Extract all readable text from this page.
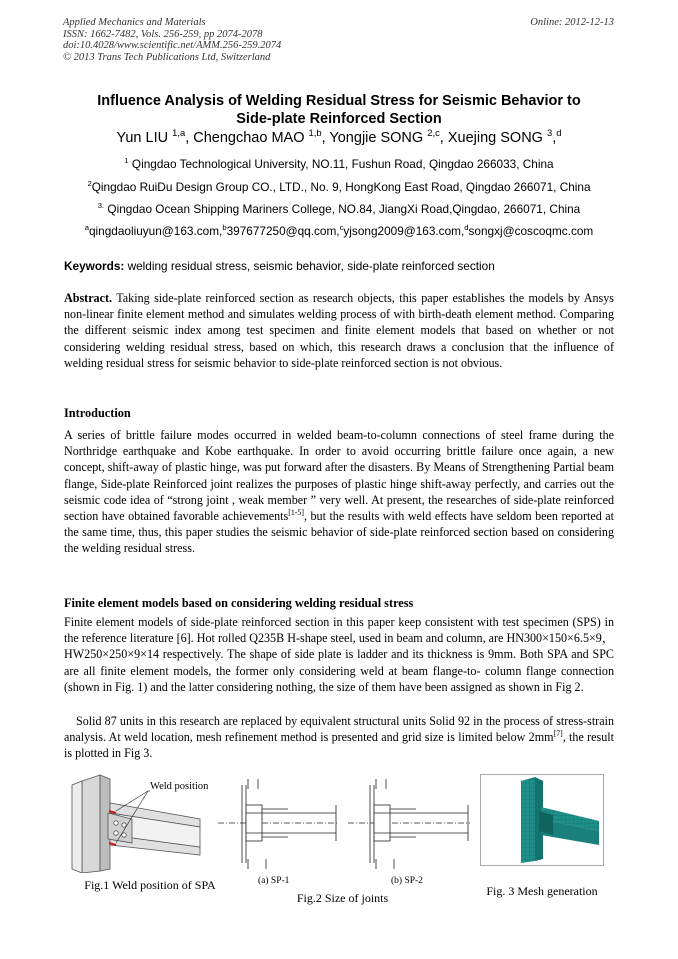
Applied Mechanics and Materials
ISSN: 1662-7482, Vols. 256-259, pp 2074-2078
doi:10.4028/www.scientific.net/AMM.256-259.2074
© 2013 Trans Tech Publications Ltd, Switzerland
Online: 2012-12-13
Influence Analysis of Welding Residual Stress for Seismic Behavior to
Side-plate Reinforced Section
Yun LIU $^{1,a}$, Chengchao MAO $^{1,b}$, Yongjie SONG $^{2,c}$, Xuejing SONG $^3$,$^d$
$^1$ Qingdao Technological University, NO.11, Fushun Road, Qingdao 266033, China
$^2$Qingdao RuiDu Design Group CO., LTD., No. 9, HongKong East Road, Qingdao 266071, China
$^{3.}$ Qingdao Ocean Shipping Mariners College, NO.84, JiangXi Road,Qingdao, 266071, China
$^a$qingdaoliuyun@163.com,$^b$397677250@qq.com,$^c$yjsong2009@163.com,$^d$songxj@coscoqmc.com
Keywords: welding residual stress, seismic behavior, side-plate reinforced section
Abstract. Taking side-plate reinforced section as research objects, this paper establishes the models by Ansys non-linear finite element method and simulates welding process of with birth-death element method. Comparing the different seismic index among test specimen and finite element models that based on whether or not considering welding residual stress, based on which, this research draws a conclusion that the influence of welding residual stress for seismic behavior to side-plate reinforced section is not obvious.
Introduction
A series of brittle failure modes occurred in welded beam-to-column connections of steel frame during the Northridge earthquake and Kobe earthquake. In order to avoid occurring brittle failure once again, a new concept, shift-away of plastic hinge, was put forward after the disasters. By Means of Strengthening Partial beam flange, Side-plate Reinforced joint realizes the purposes of plastic hinge shift-away perfectly, and carries out the seismic code idea of “strong joint , weak member ” very well. At present, the researches of side-plate reinforced section have obtained favorable achievements[1-5], but the results with weld effects have seldom been reported at the same time, thus, this paper studies the seismic behavior of side-plate reinforced section based on considering the welding residual stress.
Finite element models based on considering welding residual stress
Finite element models of side-plate reinforced section in this paper keep consistent with test specimen (SPS) in the reference literature [6]. Hot rolled Q235B H-shape steel, used in beam and column, are HN300×150×6.5×9，HW250×250×9×14 respectively. The shape of side plate is ladder and its thickness is 9mm. Both SPA and SPC are all finite element models, the former only considering weld at beam flange-to- column flange connection (shown in Fig. 1) and the latter considering nothing, the size of them have been assigned as shown in Fig 2.
Solid 87 units in this research are replaced by equivalent structural units Solid 92 in the process of stress-strain analysis. At weld location, mesh refinement method is presented and grid size is limited below 2mm[7], the result is plotted in Fig 3.
Weld position
Fig.1 Weld position of SPA	(a) SP-1	(b) SP-2
Fig.2 Size of joints	Fig. 3 Mesh generation
